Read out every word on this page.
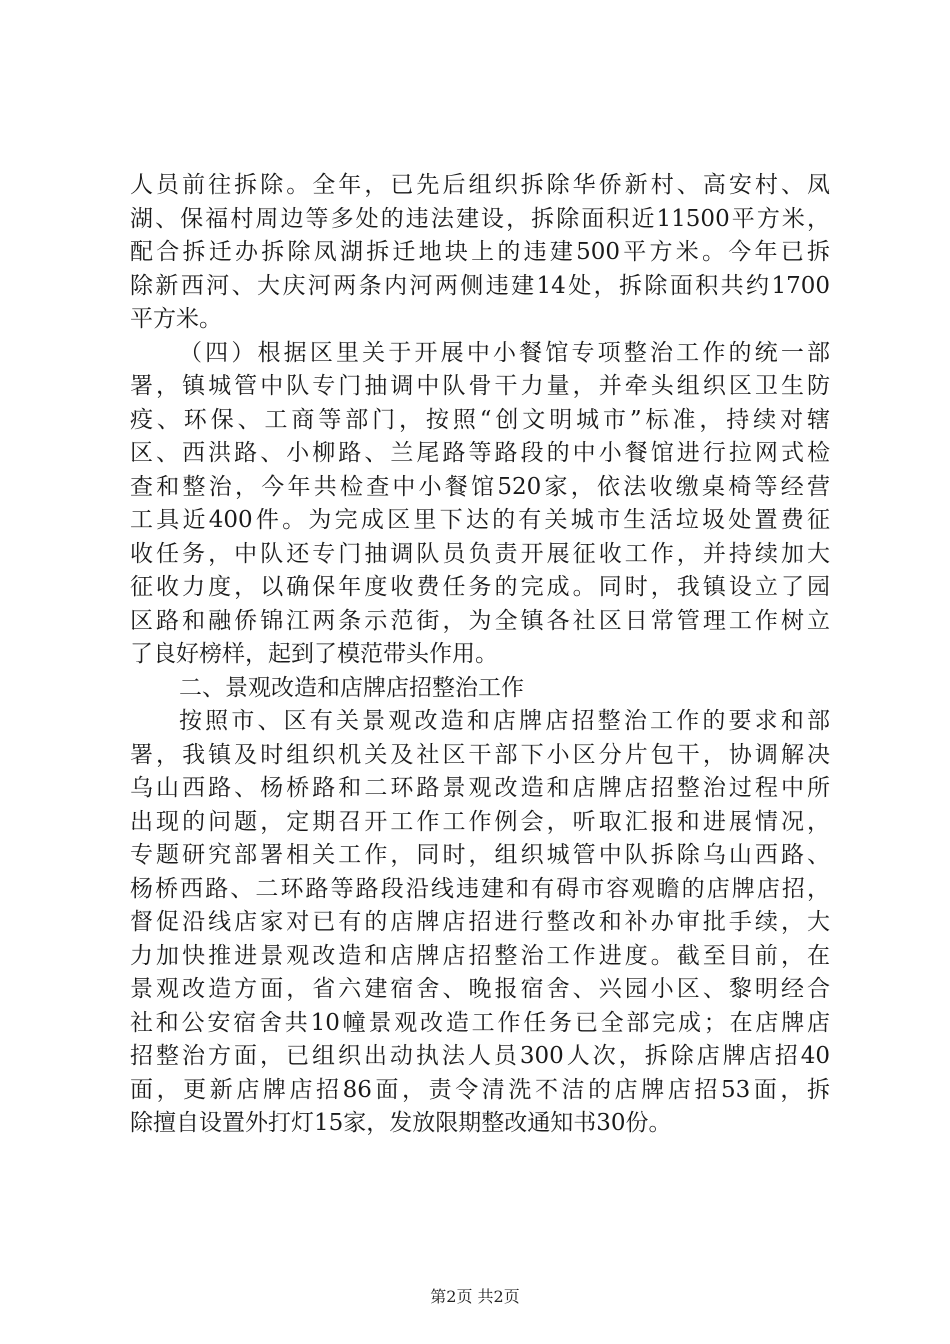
人员前往拆除。全年，已先后组织拆除华侨新村、高安村、凤
湖、保福村周边等多处的违法建设，拆除面积近11500平方米，
配合拆迁办拆除凤湖拆迁地块上的违建500平方米。今年已拆
除新西河、大庆河两条内河两侧违建14处，拆除面积共约1700
平方米。
（四）根据区里关于开展中小餐馆专项整治工作的统一部
署，镇城管中队专门抽调中队骨干力量，并牵头组织区卫生防
疫、环保、工商等部门，按照“创文明城市”标准，持续对辖
区、西洪路、小柳路、兰尾路等路段的中小餐馆进行拉网式检
查和整治，今年共检查中小餐馆520家，依法收缴桌椅等经营
工具近400件。为完成区里下达的有关城市生活垃圾处置费征
收任务，中队还专门抽调队员负责开展征收工作，并持续加大
征收力度，以确保年度收费任务的完成。同时，我镇设立了园
区路和融侨锦江两条示范街，为全镇各社区日常管理工作树立
了良好榜样，起到了模范带头作用。
二、景观改造和店牌店招整治工作
按照市、区有关景观改造和店牌店招整治工作的要求和部
署，我镇及时组织机关及社区干部下小区分片包干，协调解决
乌山西路、杨桥路和二环路景观改造和店牌店招整治过程中所
出现的问题，定期召开工作工作例会，听取汇报和进展情况，
专题研究部署相关工作，同时，组织城管中队拆除乌山西路、
杨桥西路、二环路等路段沿线违建和有碍市容观瞻的店牌店招，
督促沿线店家对已有的店牌店招进行整改和补办审批手续，大
力加快推进景观改造和店牌店招整治工作进度。截至目前，在
景观改造方面，省六建宿舍、晚报宿舍、兴园小区、黎明经合
社和公安宿舍共10幢景观改造工作任务已全部完成；在店牌店
招整治方面，已组织出动执法人员300人次，拆除店牌店招40
面，更新店牌店招86面，责令清洗不洁的店牌店招53面，拆
除擅自设置外打灯15家，发放限期整改通知书30份。
第2页 共2页
